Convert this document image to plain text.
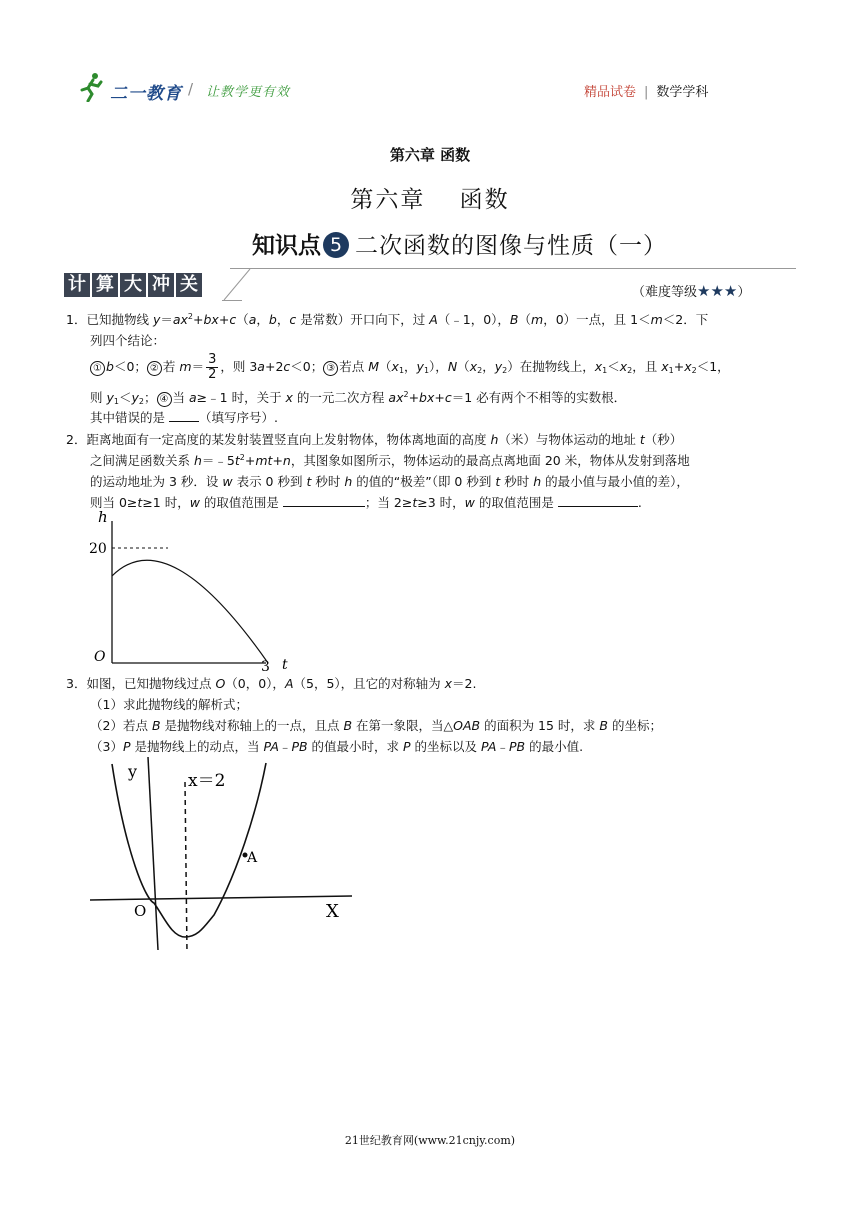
二一教育 / 让教学更有效	精品试卷 | 数学学科
第六章 函数
第六章　 函数
知识点 5 二次函数的图像与性质（一）
计 算 大 冲 关	（难度等级★★★）
1．已知抛物线 $y=ax^2+bx+c(a$，b，c 是常数）开口向下，过 A（﹣1，0），B（m，0）一点，且 1＜m＜2．下
列四个结论：
① b＜0； ② 若 $m= \frac{3}{2}$ ，则 3a+2c＜0； ③ 若点 $M(x_1$，$y_1$），$N(x_2$，$y_2$）在抛物线上，$x_1<x_2$，且 $x_1+x_2<1$，
则 $y_1<y_2$； ④ 当 a≥﹣1 时，关于 x 的一元二次方程 $ax^2+bx+c=1$ 必有两个不相等的实数根．
其中错误的是	（填写序号）.
2．距离地面有一定高度的某发射装置竖直向上发射物体，物体离地面的高度 h（米）与物体运动的地址 t（秒）
之间满足函数关系 $h=﹣5t^2+mt+n$，其图象如图所示，物体运动的最高点离地面 20 米，物体从发射到落地
的运动地址为 3 秒．设 w 表示 0 秒到 t 秒时 h 的值的“极差”（即 0 秒到 t 秒时 h 的最小值与最小值的差），
则当 0≥t≥1 时，w 的取值范围是	；当 2≥t≥3 时，w 的取值范围是	.
h
20
O
3 t
3．如图，已知抛物线过点 O（0，0），A（5，5），且它的对称轴为 x＝2.
（1）求此抛物线的解析式；
（2）若点 B 是抛物线对称轴上的一点，且点 B 在第一象限，当△OAB 的面积为 15 时，求 B 的坐标；
（3）P 是抛物线上的动点，当 PA﹣PB 的值最小时，求 P 的坐标以及 PA﹣PB 的最小值.
y	x＝2
A
O	X
21世纪教育网(www.21cnjy.com)
